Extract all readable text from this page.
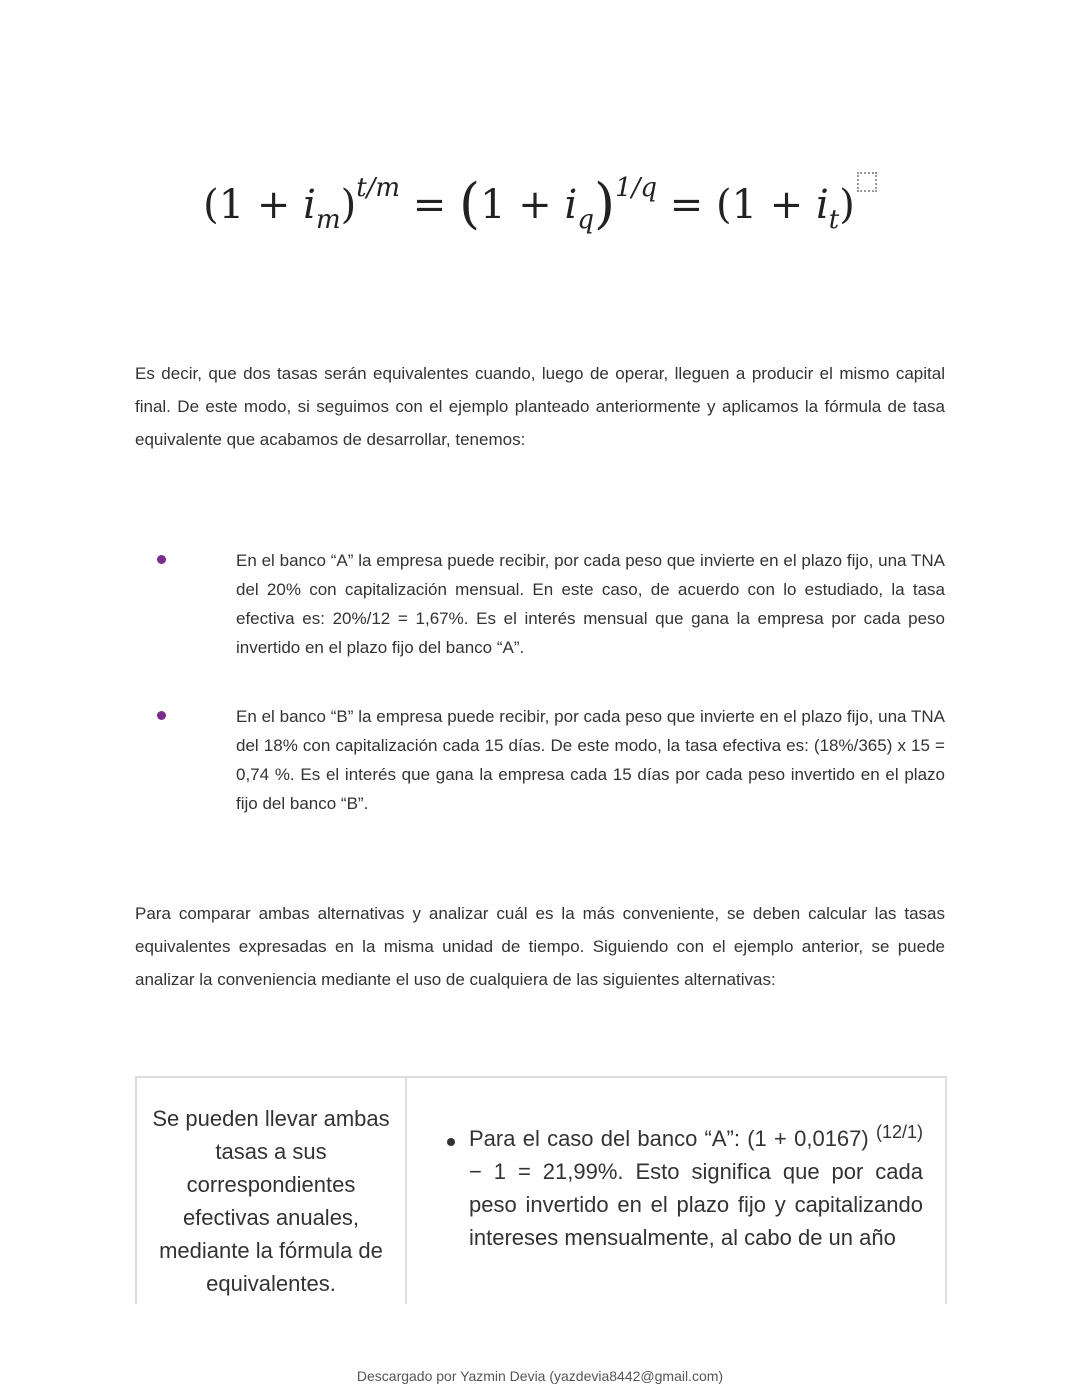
$(1 + i_m)^{t/m} = (1 + i_q)^{1/q} = (1 + i_t)$

Es decir, que dos tasas serán equivalentes cuando, luego de operar, lleguen a producir el mismo capital final. De este modo, si seguimos con el ejemplo planteado anteriormente y aplicamos la fórmula de tasa equivalente que acabamos de desarrollar, tenemos:

En el banco “A” la empresa puede recibir, por cada peso que invierte en el plazo fijo, una TNA del 20% con capitalización mensual. En este caso, de acuerdo con lo estudiado, la tasa efectiva es: 20%/12 = 1,67%. Es el interés mensual que gana la empresa por cada peso invertido en el plazo fijo del banco “A”.

En el banco “B” la empresa puede recibir, por cada peso que invierte en el plazo fijo, una TNA del 18% con capitalización cada 15 días. De este modo, la tasa efectiva es: (18%/365) x 15 = 0,74 %. Es el interés que gana la empresa cada 15 días por cada peso invertido en el plazo fijo del banco “B”.

Para comparar ambas alternativas y analizar cuál es la más conveniente, se deben calcular las tasas equivalentes expresadas en la misma unidad de tiempo. Siguiendo con el ejemplo anterior, se puede analizar la conveniencia mediante el uso de cualquiera de las siguientes alternativas:

Se pueden llevar ambas tasas a sus correspondientes efectivas anuales, mediante la fórmula de equivalentes.
Para el caso del banco “A”: (1 + 0,0167) $^{(12/1)}$ − 1 = 21,99%. Esto significa que por cada peso invertido en el plazo fijo y capitalizando intereses mensualmente, al cabo de un año
Descargado por Yazmin Devia (yazdevia8442@gmail.com)
